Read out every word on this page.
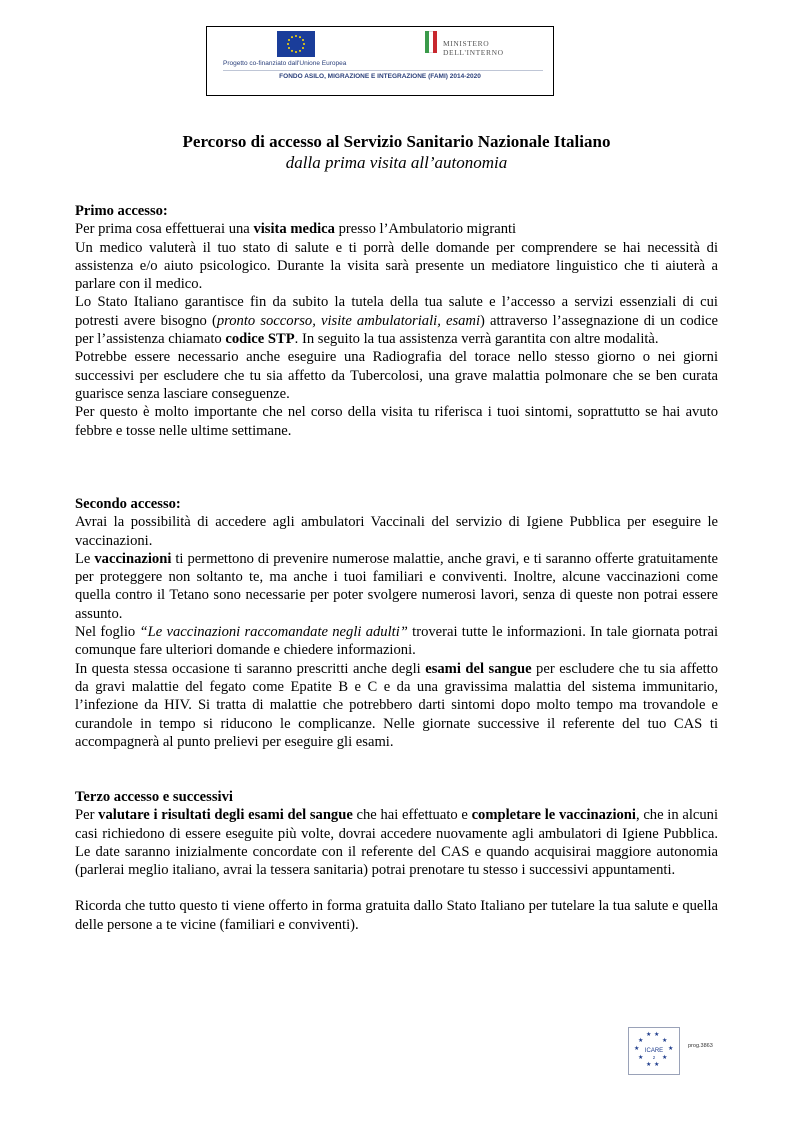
MINISTERO
DELL'INTERNO
Progetto co-finanziato dall'Unione Europea
FONDO ASILO, MIGRAZIONE E INTEGRAZIONE (FAMI) 2014-2020
Percorso di accesso al Servizio Sanitario Nazionale Italiano
dalla prima visita all’autonomia

Primo accesso:

Per prima cosa effettuerai una visita medica presso l’Ambulatorio migranti

Un medico valuterà il tuo stato di salute e ti porrà delle domande per comprendere se hai necessità di assistenza e/o aiuto psicologico. Durante la visita sarà presente un mediatore linguistico che ti aiuterà a parlare con il medico.

Lo Stato Italiano garantisce fin da subito la tutela della tua salute e l’accesso a servizi essenziali di cui potresti avere bisogno (pronto soccorso, visite ambulatoriali, esami) attraverso l’assegnazione di un codice per l’assistenza chiamato codice STP. In seguito la tua assistenza verrà garantita con altre modalità.

Potrebbe essere necessario anche eseguire una Radiografia del torace nello stesso giorno o nei giorni successivi per escludere che tu sia affetto da Tubercolosi, una grave malattia polmonare che se ben curata guarisce senza lasciare conseguenze.

Per questo è molto importante che nel corso della visita tu riferisca i tuoi sintomi, soprattutto se hai avuto febbre e tosse nelle ultime settimane.

Secondo accesso:

Avrai la possibilità di accedere agli ambulatori Vaccinali del servizio di Igiene Pubblica per eseguire le vaccinazioni.

Le vaccinazioni ti permettono di prevenire numerose malattie, anche gravi, e ti saranno offerte gratuitamente per proteggere non soltanto te, ma anche i tuoi familiari e conviventi. Inoltre, alcune vaccinazioni come quella contro il Tetano sono necessarie per poter svolgere numerosi lavori, senza di queste non potrai essere assunto.

Nel foglio “Le vaccinazioni raccomandate negli adulti” troverai tutte le informazioni. In tale giornata potrai comunque fare ulteriori domande e chiedere informazioni.

In questa stessa occasione ti saranno prescritti anche degli esami del sangue per escludere che tu sia affetto da gravi malattie del fegato come Epatite B e C e da una gravissima malattia del sistema immunitario, l’infezione da HIV. Si tratta di malattie che potrebbero darti sintomi dopo molto tempo ma trovandole e curandole in tempo si riducono le complicanze. Nelle giornate successive il referente del tuo CAS ti accompagnerà al punto prelievi per eseguire gli esami.

Terzo accesso e successivi

Per valutare i risultati degli esami del sangue che hai effettuato e completare le vaccinazioni, che in alcuni casi richiedono di essere eseguite più volte, dovrai accedere nuovamente agli ambulatori di Igiene Pubblica. Le date saranno inizialmente concordate con il referente del CAS e quando acquisirai maggiore autonomia (parlerai meglio italiano, avrai la tessera sanitaria) potrai prenotare tu stesso i successivi appuntamenti.

Ricorda che tutto questo ti viene offerto in forma gratuita dallo Stato Italiano per tutelare la tua salute e quella delle persone a te vicine (familiari e conviventi).

★ ★
★	★
★	★
★	★
★ ★
ICARE
2
prog.3863
